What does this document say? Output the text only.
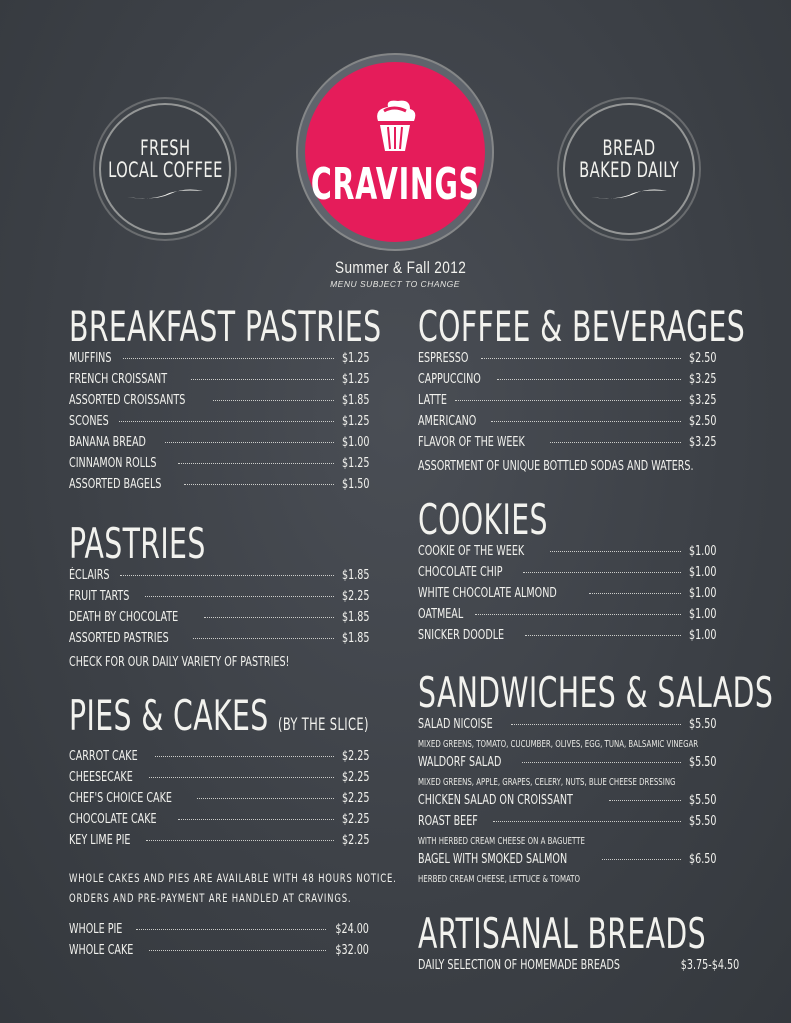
FRESH
LOCAL COFFEE CRAVINGS
BREAD
BAKED DAILY
Summer & Fall 2012
MENU SUBJECT TO CHANGE
BREAKFAST PASTRIES
MUFFINS	$1.25
FRENCH CROISSANT	$1.25
ASSORTED CROISSANTS	$1.85
SCONES	$1.25
BANANA BREAD	$1.00
CINNAMON ROLLS	$1.25
ASSORTED BAGELS	$1.50
PASTRIES
ÉCLAIRS	$1.85
FRUIT TARTS	$2.25
DEATH BY CHOCOLATE	$1.85
ASSORTED PASTRIES	$1.85
CHECK FOR OUR DAILY VARIETY OF PASTRIES!
PIES & CAKES (BY THE SLICE)
CARROT CAKE	$2.25
CHEESECAKE	$2.25
CHEF'S CHOICE CAKE	$2.25
CHOCOLATE CAKE	$2.25
KEY LIME PIE	$2.25
WHOLE CAKES AND PIES ARE AVAILABLE WITH 48 HOURS NOTICE.
ORDERS AND PRE-PAYMENT ARE HANDLED AT CRAVINGS.
WHOLE PIE	$24.00
WHOLE CAKE	$32.00
COFFEE & BEVERAGES
ESPRESSO	$2.50
CAPPUCCINO	$3.25
LATTE	$3.25
AMERICANO	$2.50
FLAVOR OF THE WEEK	$3.25
ASSORTMENT OF UNIQUE BOTTLED SODAS AND WATERS.
COOKIES
COOKIE OF THE WEEK	$1.00
CHOCOLATE CHIP	$1.00
WHITE CHOCOLATE ALMOND	$1.00
OATMEAL	$1.00
SNICKER DOODLE	$1.00
SANDWICHES & SALADS
SALAD NICOISE	$5.50
MIXED GREENS, TOMATO, CUCUMBER, OLIVES, EGG, TUNA, BALSAMIC VINEGAR
WALDORF SALAD	$5.50
MIXED GREENS, APPLE, GRAPES, CELERY, NUTS, BLUE CHEESE DRESSING
CHICKEN SALAD ON CROISSANT	$5.50
ROAST BEEF	$5.50
WITH HERBED CREAM CHEESE ON A BAGUETTE
BAGEL WITH SMOKED SALMON	$6.50
HERBED CREAM CHEESE, LETTUCE & TOMATO
ARTISANAL BREADS
DAILY SELECTION OF HOMEMADE BREADS	$3.75-$4.50
